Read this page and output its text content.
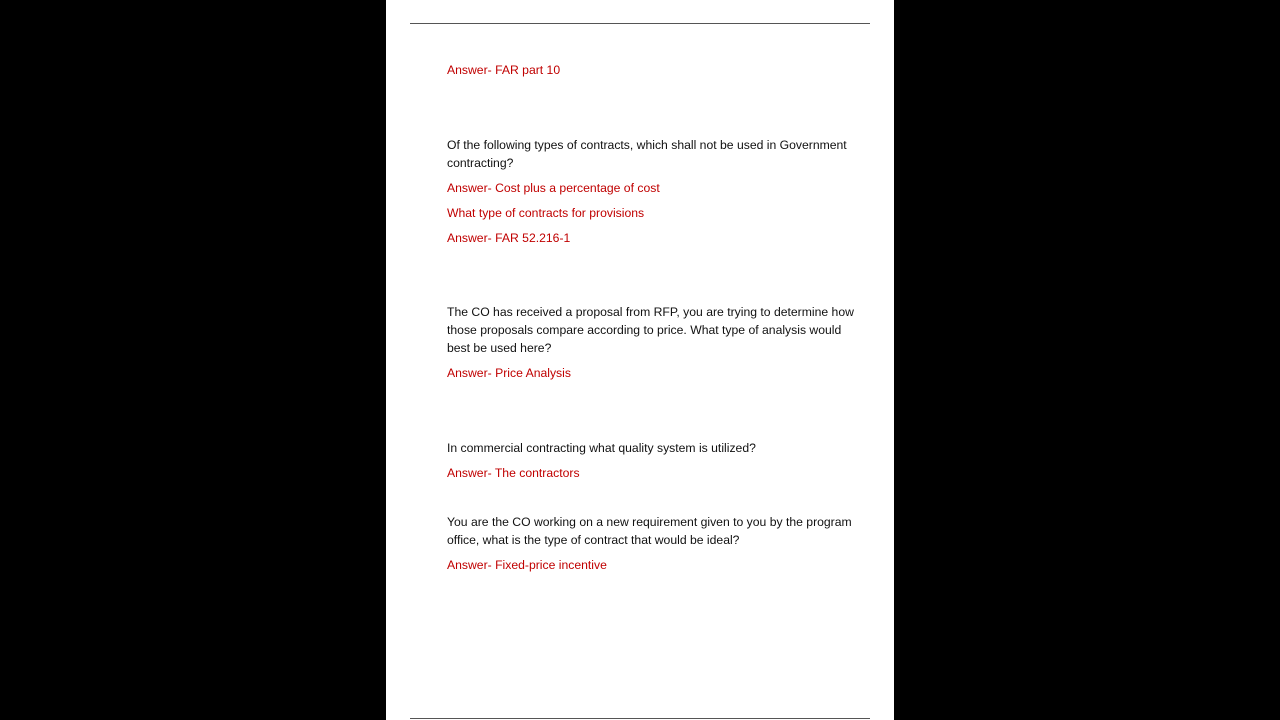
Answer- FAR part 10

Of the following types of contracts, which shall not be used in Government contracting?

Answer- Cost plus a percentage of cost

What type of contracts for provisions

Answer- FAR 52.216-1

The CO has received a proposal from RFP, you are trying to determine how those proposals compare according to price. What type of analysis would best be used here?

Answer- Price Analysis

In commercial contracting what quality system is utilized?

Answer- The contractors

You are the CO working on a new requirement given to you by the program office, what is the type of contract that would be ideal?

Answer- Fixed-price incentive
